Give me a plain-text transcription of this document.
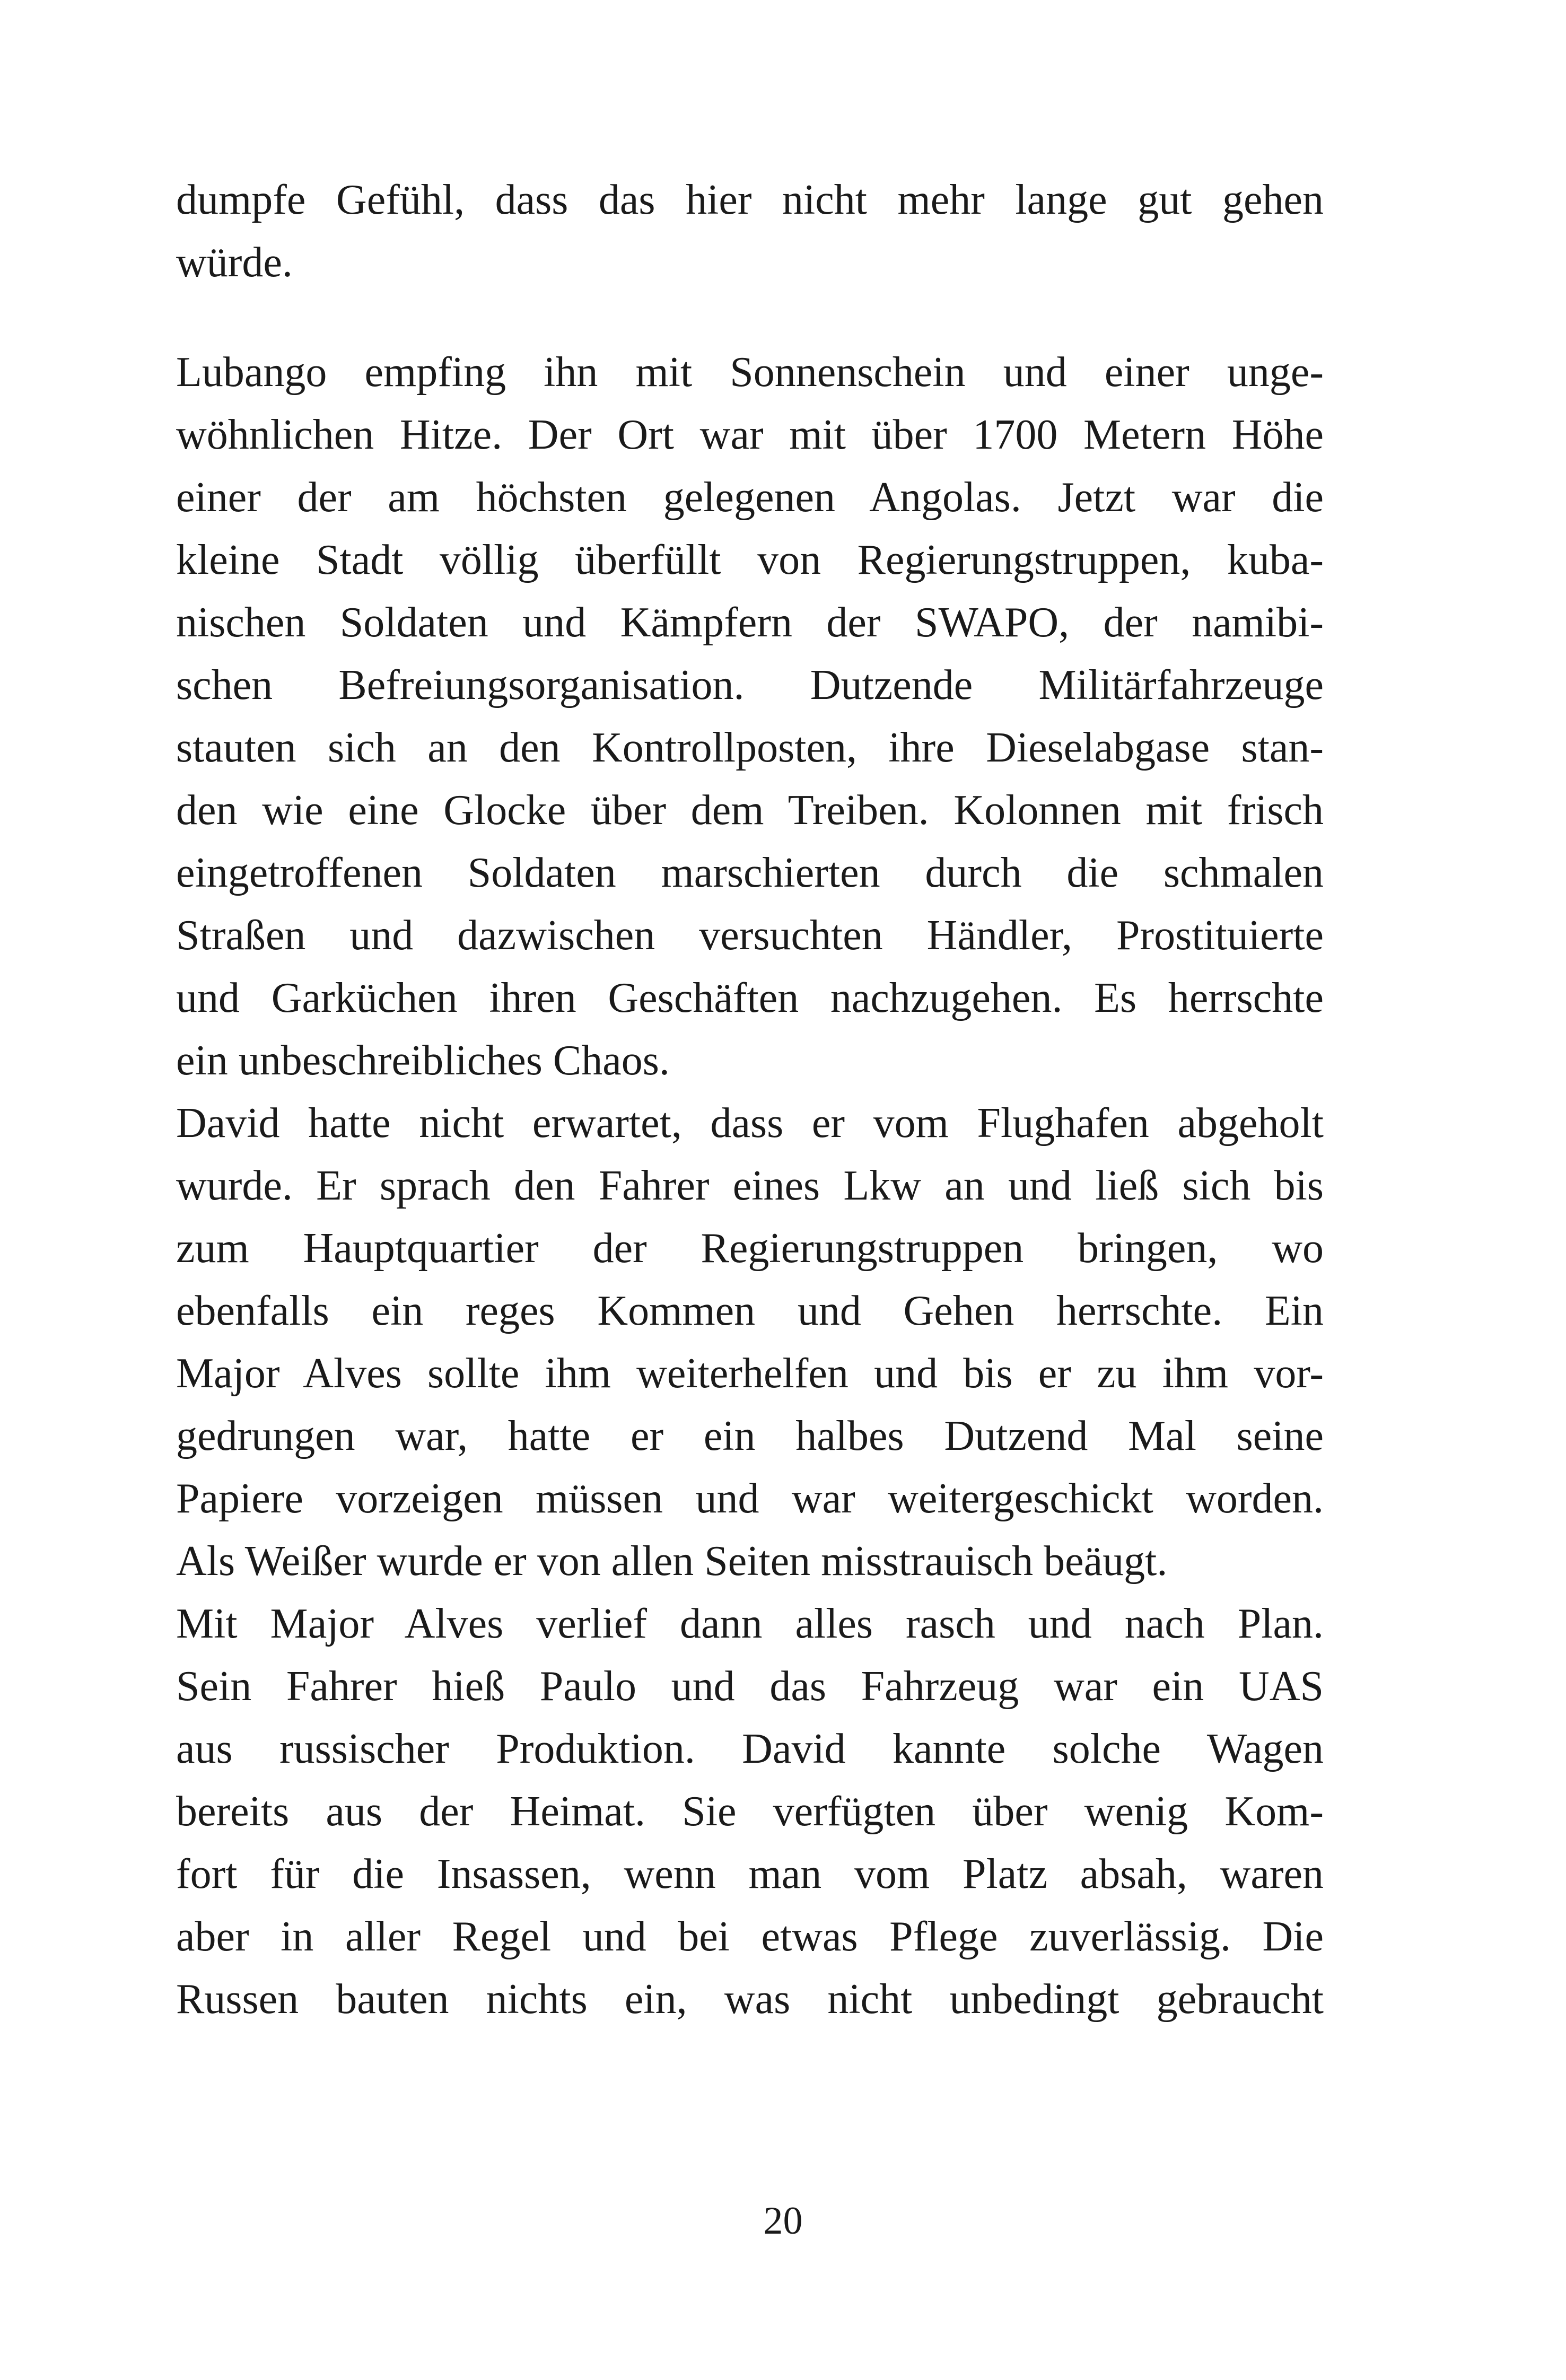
dumpfe Gefühl, dass das hier nicht mehr lange gut gehen
würde.
Lubango empfing ihn mit Sonnenschein und einer unge-
wöhnlichen Hitze. Der Ort war mit über 1700 Metern Höhe
einer der am höchsten gelegenen Angolas. Jetzt war die
kleine Stadt völlig überfüllt von Regierungstruppen, kuba-
nischen Soldaten und Kämpfern der SWAPO, der namibi-
schen Befreiungsorganisation. Dutzende Militärfahrzeuge
stauten sich an den Kontrollposten, ihre Dieselabgase stan-
den wie eine Glocke über dem Treiben. Kolonnen mit frisch
eingetroffenen Soldaten marschierten durch die schmalen
Straßen und dazwischen versuchten Händler, Prostituierte
und Garküchen ihren Geschäften nachzugehen. Es herrschte
ein unbeschreibliches Chaos.
David hatte nicht erwartet, dass er vom Flughafen abgeholt
wurde. Er sprach den Fahrer eines Lkw an und ließ sich bis
zum Hauptquartier der Regierungstruppen bringen, wo
ebenfalls ein reges Kommen und Gehen herrschte. Ein
Major Alves sollte ihm weiterhelfen und bis er zu ihm vor-
gedrungen war, hatte er ein halbes Dutzend Mal seine
Papiere vorzeigen müssen und war weitergeschickt worden.
Als Weißer wurde er von allen Seiten misstrauisch beäugt.
Mit Major Alves verlief dann alles rasch und nach Plan.
Sein Fahrer hieß Paulo und das Fahrzeug war ein UAS
aus russischer Produktion. David kannte solche Wagen
bereits aus der Heimat. Sie verfügten über wenig Kom-
fort für die Insassen, wenn man vom Platz absah, waren
aber in aller Regel und bei etwas Pflege zuverlässig. Die
Russen bauten nichts ein, was nicht unbedingt gebraucht
20
